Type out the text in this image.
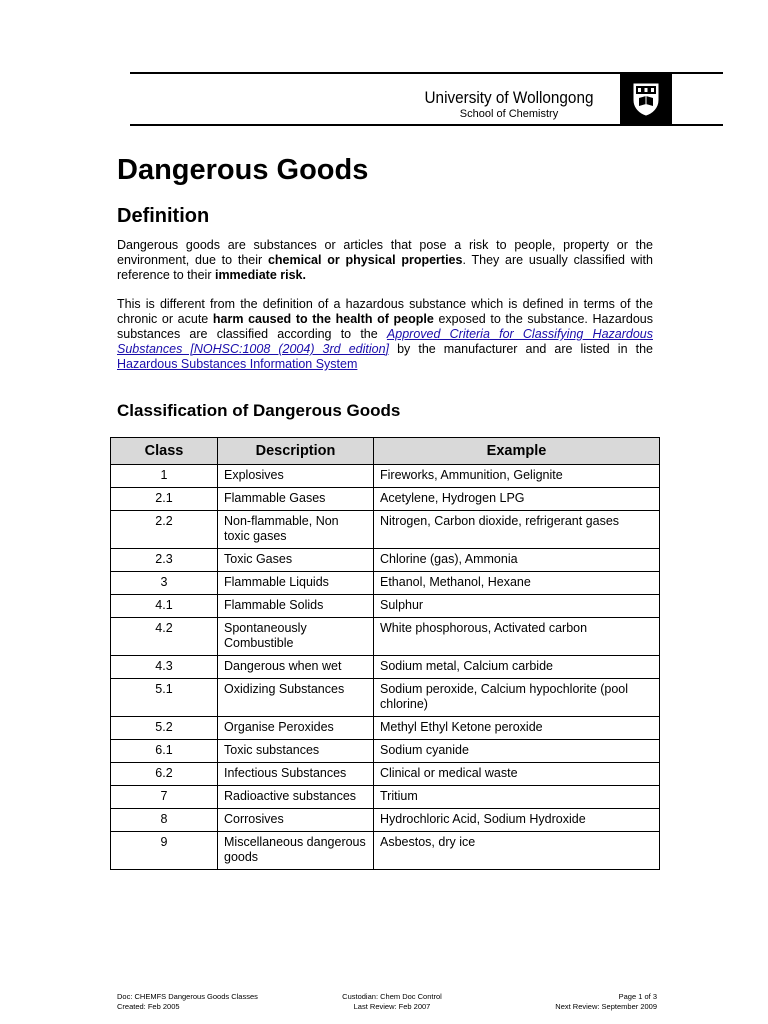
University of Wollongong
School of Chemistry
Dangerous Goods
Definition

Dangerous goods are substances or articles that pose a risk to people, property or the environment, due to their chemical or physical properties. They are usually classified with reference to their immediate risk.

This is different from the definition of a hazardous substance which is defined in terms of the chronic or acute harm caused to the health of people exposed to the substance. Hazardous substances are classified according to the Approved Criteria for Classifying Hazardous Substances [NOHSC:1008 (2004) 3rd edition] by the manufacturer and are listed in the Hazardous Substances Information System

Classification of Dangerous Goods
Class	Description	Example
1	Explosives	Fireworks, Ammunition, Gelignite
2.1	Flammable Gases	Acetylene, Hydrogen LPG
2.2	Non-flammable, Non toxic gases	Nitrogen, Carbon dioxide, refrigerant gases
2.3	Toxic Gases	Chlorine (gas), Ammonia
3	Flammable Liquids	Ethanol, Methanol, Hexane
4.1	Flammable Solids	Sulphur
4.2	Spontaneously Combustible	White phosphorous, Activated carbon
4.3	Dangerous when wet	Sodium metal, Calcium carbide
5.1	Oxidizing Substances	Sodium peroxide, Calcium hypochlorite (pool chlorine)
5.2	Organise Peroxides	Methyl Ethyl Ketone peroxide
6.1	Toxic substances	Sodium cyanide
6.2	Infectious Substances	Clinical or medical waste
7	Radioactive substances	Tritium
8	Corrosives	Hydrochloric Acid, Sodium Hydroxide
9	Miscellaneous dangerous goods	Asbestos, dry ice
Doc: CHEMFS Dangerous Goods Classes	Custodian: Chem Doc Control	Page 1 of 3
Created: Feb 2005	Last Review: Feb 2007	Next Review: September 2009
